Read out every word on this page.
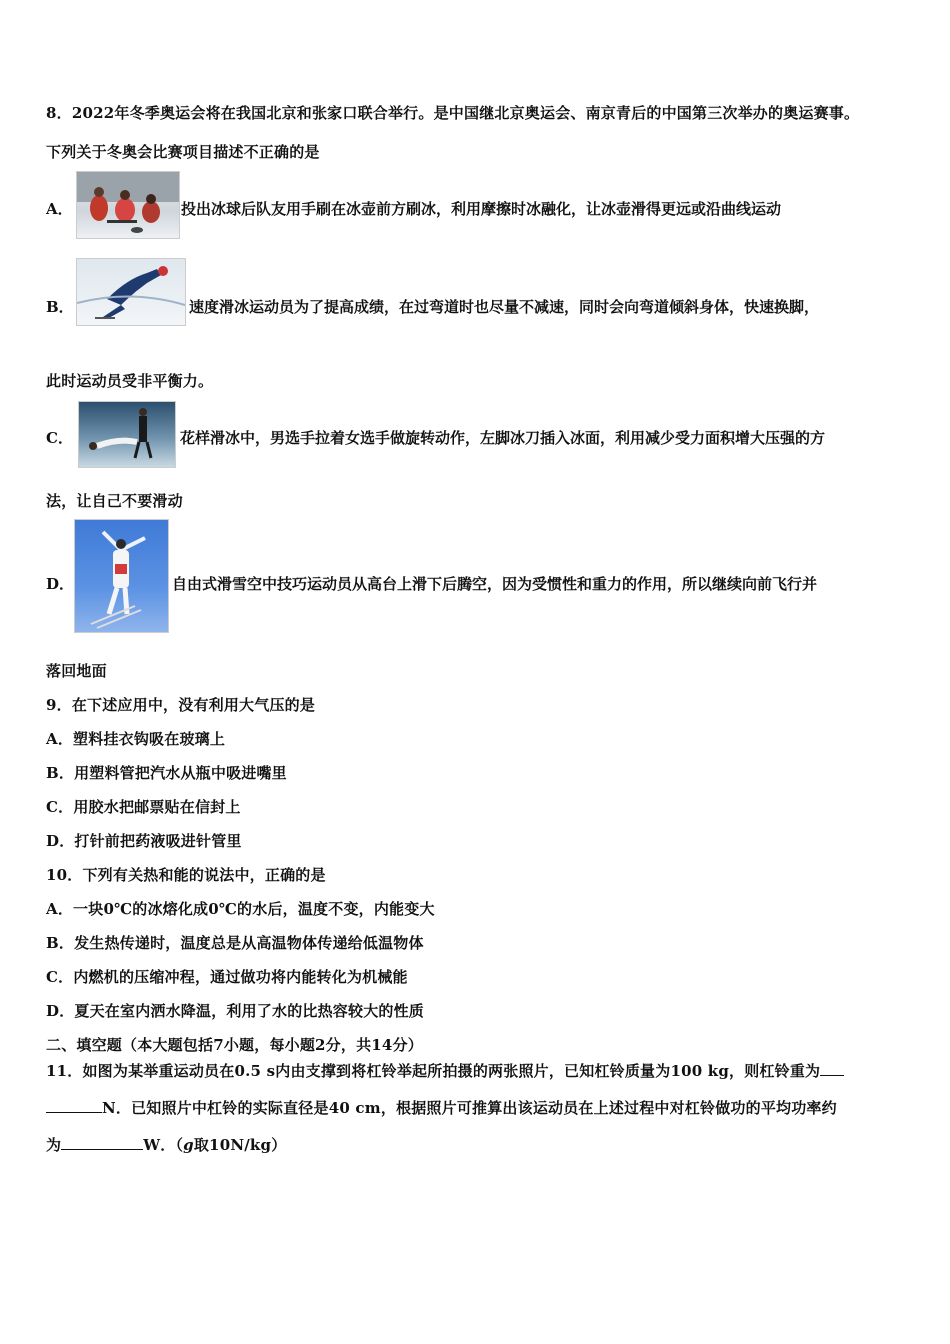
8．2022年冬季奥运会将在我国北京和张家口联合举行。是中国继北京奥运会、南京青后的中国第三次举办的奥运赛事。
下列关于冬奥会比赛项目描述不正确的是
A．	投出冰球后队友用手刷在冰壶前方刷冰，利用摩擦时冰融化，让冰壶滑得更远或沿曲线运动
B．	速度滑冰运动员为了提高成绩，在过弯道时也尽量不减速，同时会向弯道倾斜身体，快速换脚，
此时运动员受非平衡力。
C．	花样滑冰中，男选手拉着女选手做旋转动作，左脚冰刀插入冰面，利用减少受力面积增大压强的方
法，让自己不要滑动
D．	自由式滑雪空中技巧运动员从高台上滑下后腾空，因为受惯性和重力的作用，所以继续向前飞行并
落回地面
9．在下述应用中，没有利用大气压的是
A．塑料挂衣钩吸在玻璃上
B．用塑料管把汽水从瓶中吸进嘴里
C．用胶水把邮票贴在信封上
D．打针前把药液吸进针管里
10．下列有关热和能的说法中，正确的是
A．一块0℃的冰熔化成0℃的水后，温度不变，内能变大
B．发生热传递时，温度总是从高温物体传递给低温物体
C．内燃机的压缩冲程，通过做功将内能转化为机械能
D．夏天在室内洒水降温，利用了水的比热容较大的性质
二、填空题（本大题包括7小题，每小题2分，共14分）
11．如图为某举重运动员在0.5 s内由支撑到将杠铃举起所拍摄的两张照片，已知杠铃质量为100 kg，则杠铃重为
N．已知照片中杠铃的实际直径是40 cm，根据照片可推算出该运动员在上述过程中对杠铃做功的平均功率约
为	W．（g取10N/kg）
